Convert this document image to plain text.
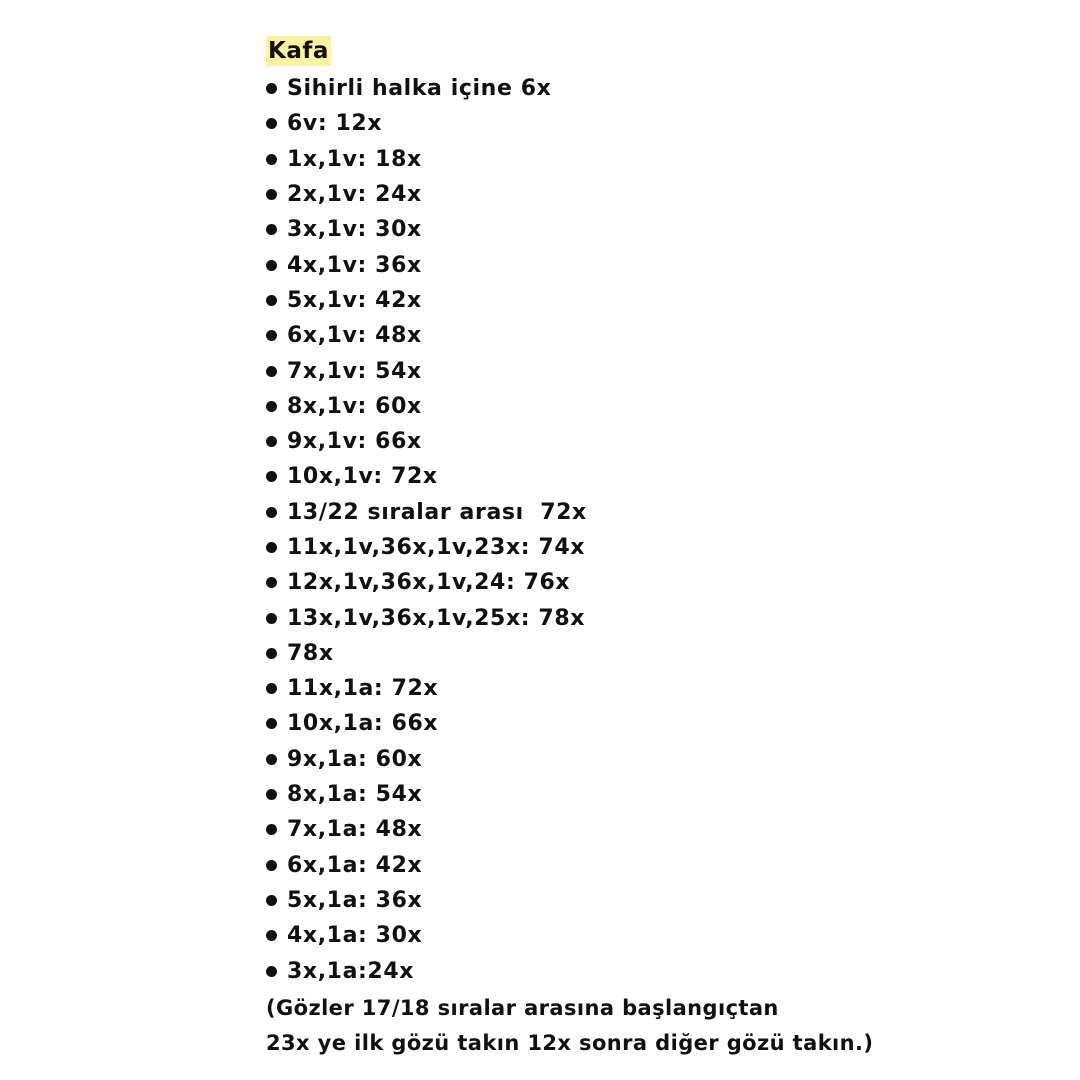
Kafa
Sihirli halka içine 6x
6v: 12x
1x,1v: 18x
2x,1v: 24x
3x,1v: 30x
4x,1v: 36x
5x,1v: 42x
6x,1v: 48x
7x,1v: 54x
8x,1v: 60x
9x,1v: 66x
10x,1v: 72x
13/22 sıralar arası  72x
11x,1v,36x,1v,23x: 74x
12x,1v,36x,1v,24: 76x
13x,1v,36x,1v,25x: 78x
78x
11x,1a: 72x
10x,1a: 66x
9x,1a: 60x
8x,1a: 54x
7x,1a: 48x
6x,1a: 42x
5x,1a: 36x
4x,1a: 30x
3x,1a:24x
(Gözler 17/18 sıralar arasına başlangıçtan
23x ye ilk gözü takın 12x sonra diğer gözü takın.)
